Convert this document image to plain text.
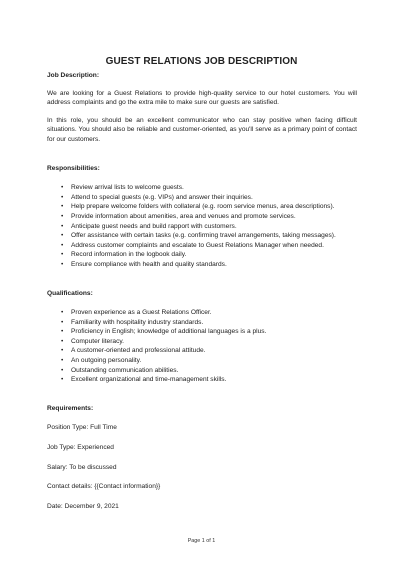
GUEST RELATIONS JOB DESCRIPTION

Job Description:

We are looking for a Guest Relations to provide high-quality service to our hotel customers. You will address complaints and go the extra mile to make sure our guests are satisfied.

In this role, you should be an excellent communicator who can stay positive when facing difficult situations. You should also be reliable and customer-oriented, as you'll serve as a primary point of contact for our customers.

Responsibilities:

• Review arrival lists to welcome guests.
• Attend to special guests (e.g. VIPs) and answer their inquiries.
• Help prepare welcome folders with collateral (e.g. room service menus, area descriptions).
• Provide information about amenities, area and venues and promote services.
• Anticipate guest needs and build rapport with customers.
• Offer assistance with certain tasks (e.g. confirming travel arrangements, taking messages).
• Address customer complaints and escalate to Guest Relations Manager when needed.
• Record information in the logbook daily.
• Ensure compliance with health and quality standards.

Qualifications:

• Proven experience as a Guest Relations Officer.
• Familiarity with hospitality industry standards.
• Proficiency in English; knowledge of additional languages is a plus.
• Computer literacy.
• A customer-oriented and professional attitude.
• An outgoing personality.
• Outstanding communication abilities.
• Excellent organizational and time-management skills.

Requirements:

Position Type: Full Time

Job Type: Experienced

Salary: To be discussed

Contact details: {{Contact information}}

Date: December 9, 2021

Page 1 of 1
